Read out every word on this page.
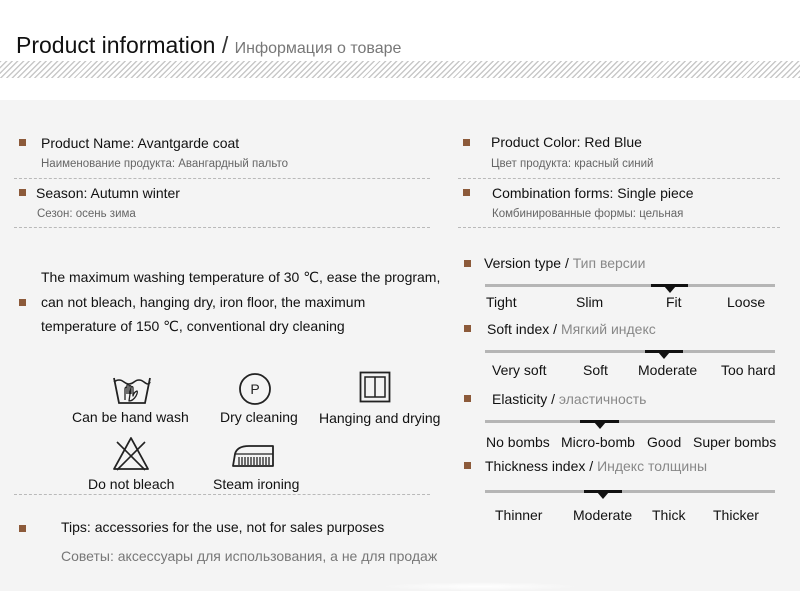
Product information / Информация о товаре
Product Name: Avantgarde coat
Наименование продукта: Авангардный пальто
Season: Autumn winter
Сезон: осень зима
Product Color: Red Blue
Цвет продукта: красный синий
Combination forms: Single piece
Комбинированные формы: цельная
The maximum washing temperature of 30 ℃, ease the program,
can not bleach, hanging dry, iron floor, the maximum
temperature of 150 ℃, conventional dry cleaning
Can be hand wash
P
Dry cleaning Hanging and drying
Do not bleach	Steam ironing
Tips: accessories for the use, not for sales purposes
Советы: аксессуары для использования, а не для продаж
Version type / Тип версии
Tight	Slim	Fit	Loose
Soft index / Мягкий индекс
Very soft	Soft Moderate Too hard
Elasticity / эластичность
No bombs Micro-bomb Good Super bombs
Thickness index / Индекс толщины
Thinner Moderate Thick Thicker
